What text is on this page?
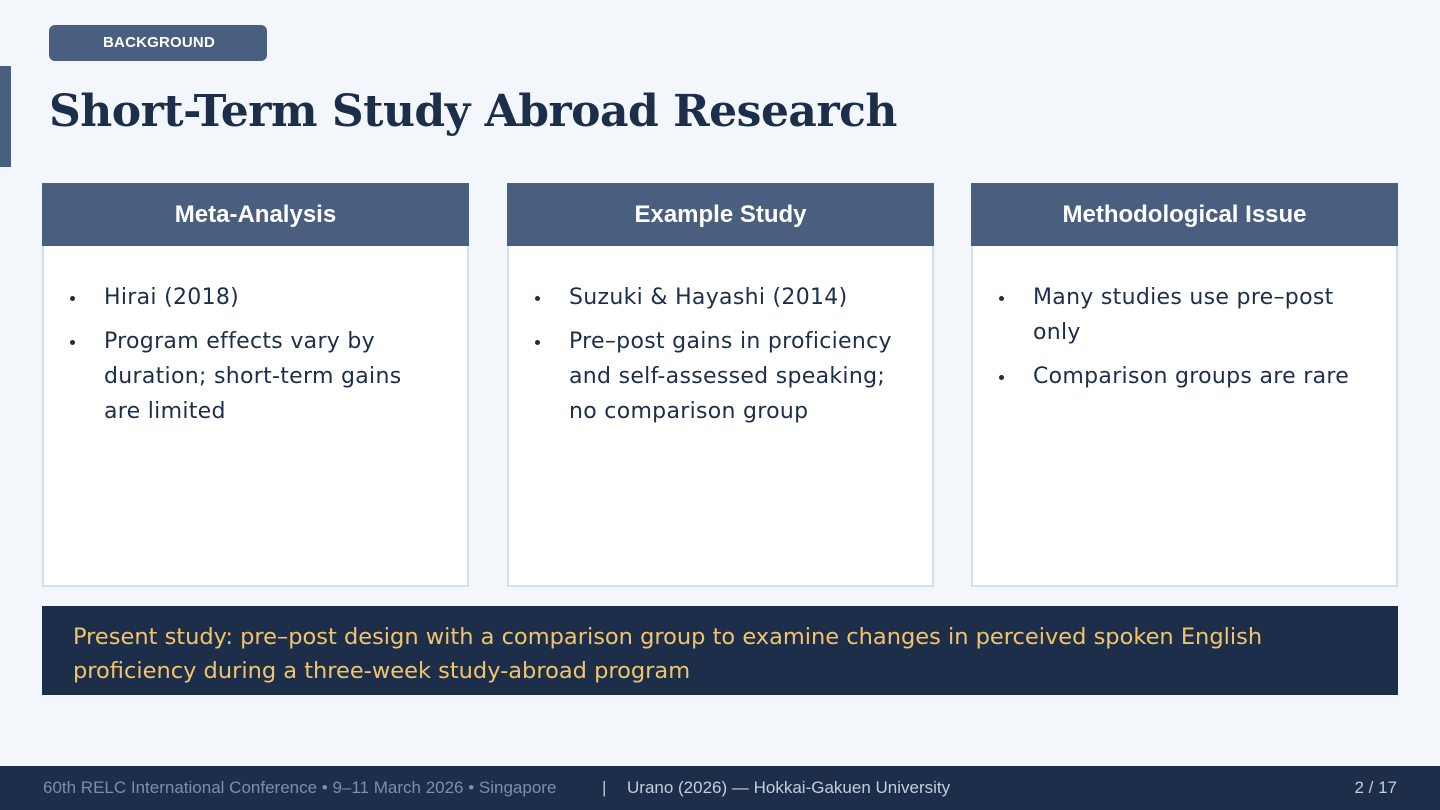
BACKGROUND
Short-Term Study Abroad Research
Meta-Analysis
Hirai (2018)
Program effects vary by duration; short-term gains are limited
Example Study
Suzuki & Hayashi (2014)
Pre–post gains in proficiency and self-assessed speaking; no comparison group
Methodological Issue
Many studies use pre–post only
Comparison groups are rare
Present study: pre–post design with a comparison group to examine changes in perceived spoken English proficiency during a three-week study-abroad program
60th RELC International Conference • 9–11 March 2026 • Singapore	| Urano (2026) — Hokkai-Gakuen University	2 / 17
